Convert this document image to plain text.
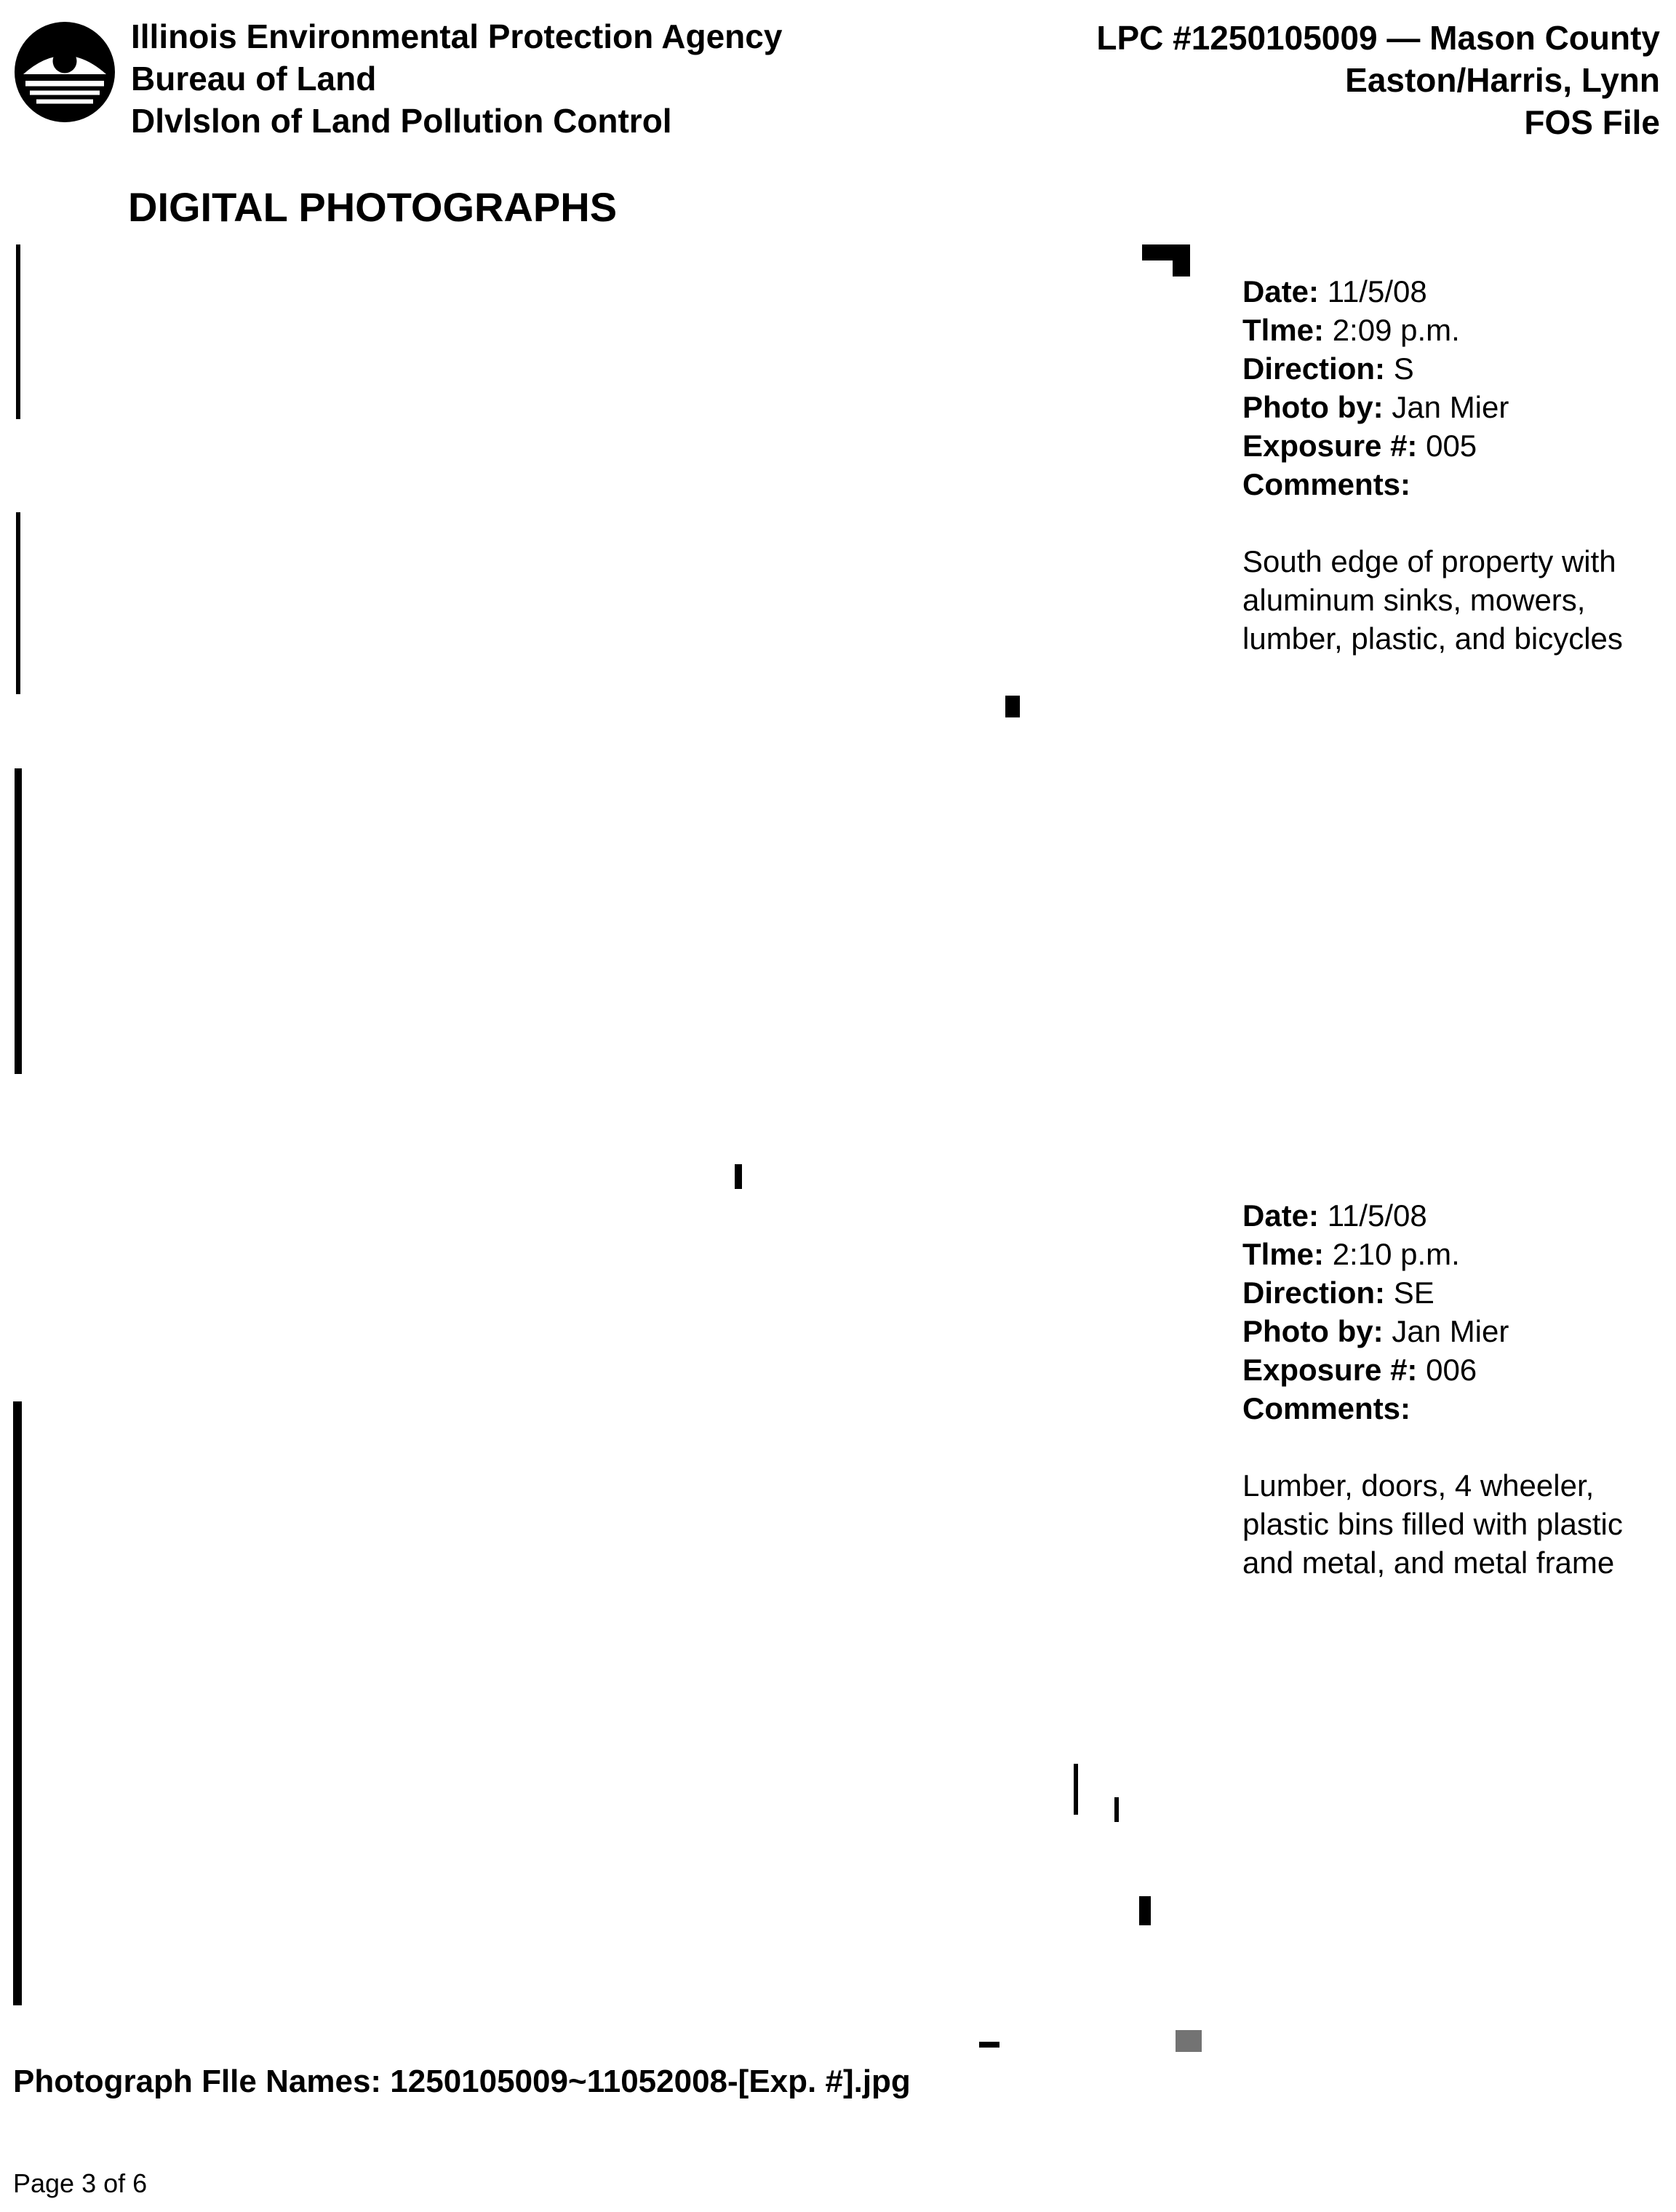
Illinois Environmental Protection Agency
Bureau of Land
Dlvlslon of Land Pollution Control
LPC #1250105009 — Mason County
Easton/Harris, Lynn
FOS File
DIGITAL PHOTOGRAPHS
Date: 11/5/08
Tlme: 2:09 p.m.
Direction: S
Photo by: Jan Mier
Exposure #: 005
Comments:
South edge of property with aluminum sinks, mowers, lumber, plastic, and bicycles
Date: 11/5/08
Tlme: 2:10 p.m.
Direction: SE
Photo by: Jan Mier
Exposure #: 006
Comments:
Lumber, doors, 4 wheeler, plastic bins filled with plastic and metal, and metal frame
Photograph Flle Names: 1250105009~11052008-[Exp. #].jpg
Page 3 of 6
